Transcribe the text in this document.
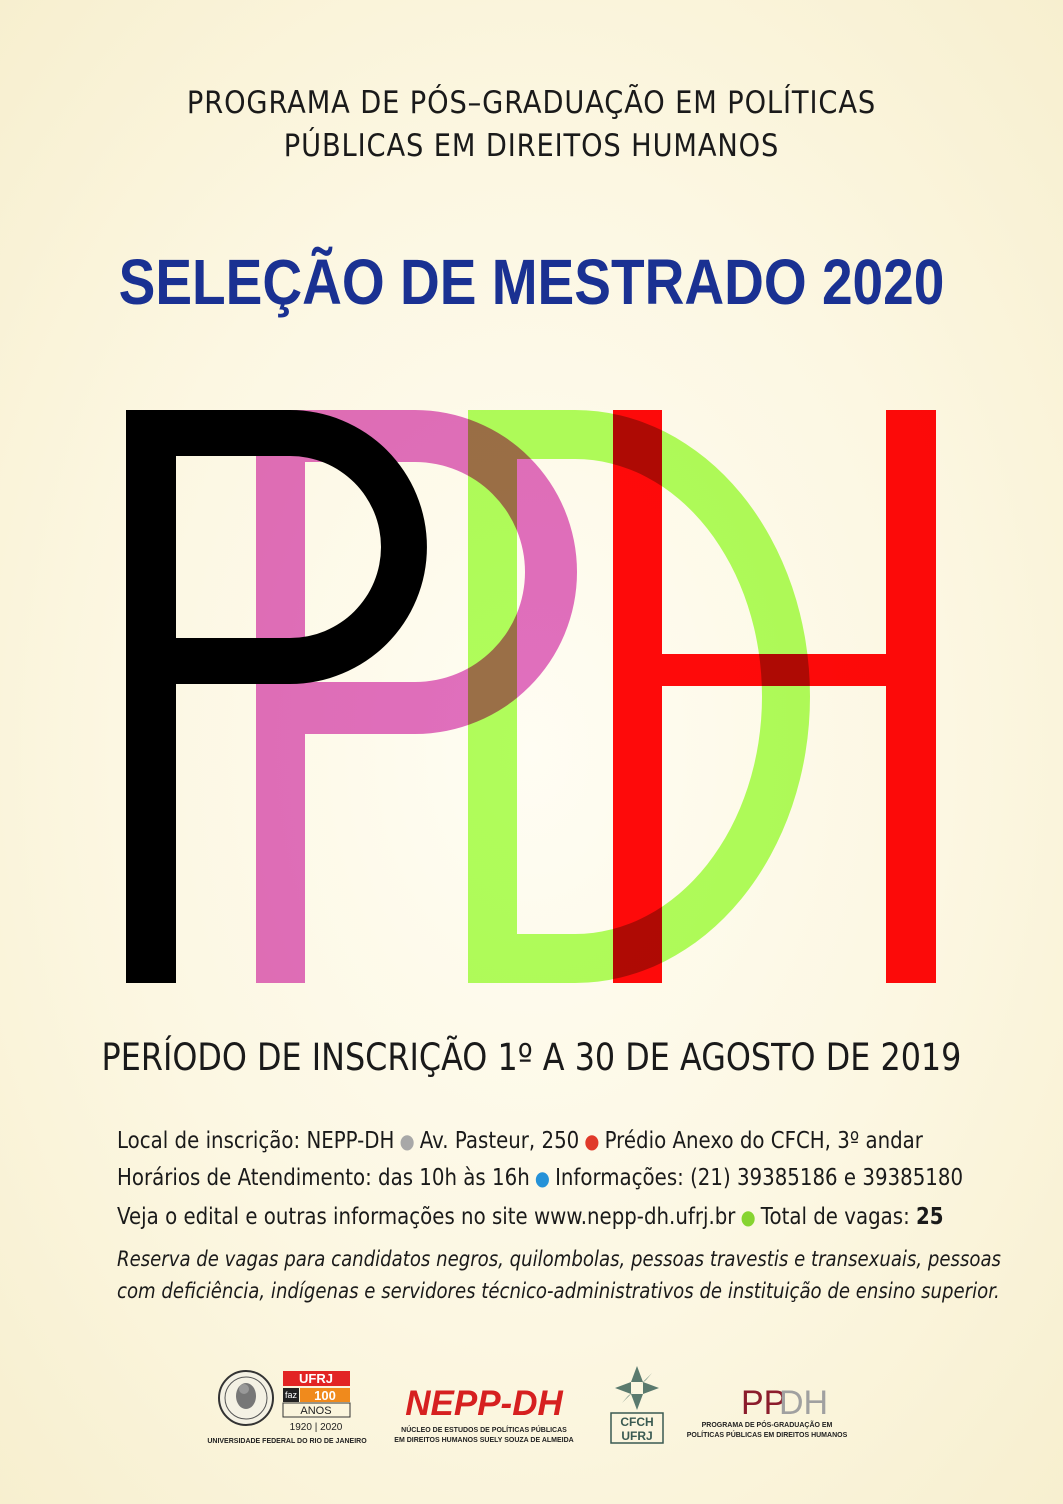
PROGRAMA DE PÓS–GRADUAÇÃO EM POLÍTICAS
PÚBLICAS EM DIREITOS HUMANOS
SELEÇÃO DE MESTRADO 2020
PERÍODO DE INSCRIÇÃO 1º A 30 DE AGOSTO DE 2019
Local de inscrição: NEPP-DH ● Av. Pasteur, 250 ● Prédio Anexo do CFCH, 3º andar
Horários de Atendimento: das 10h às 16h ● Informações: (21) 39385186 e 39385180
Veja o edital e outras informações no site www.nepp-dh.ufrj.br ● Total de vagas: 25
Reserva de vagas para candidatos negros, quilombolas, pessoas travestis e transexuais, pessoas
com deficiência, indígenas e servidores técnico-administrativos de instituição de ensino superior.
UFRJ
faz 100
ANOS
1920 | 2020
UNIVERSIDADE FEDERAL DO RIO DE JANEIRO
NEPP-DH
NÚCLEO DE ESTUDOS DE POLÍTICAS PÚBLICAS
EM DIREITOS HUMANOS SUELY SOUZA DE ALMEIDA
CFCH
UFRJ
PP
DH
PROGRAMA DE PÓS-GRADUAÇÃO EM
POLÍTICAS PÚBLICAS EM DIREITOS HUMANOS
